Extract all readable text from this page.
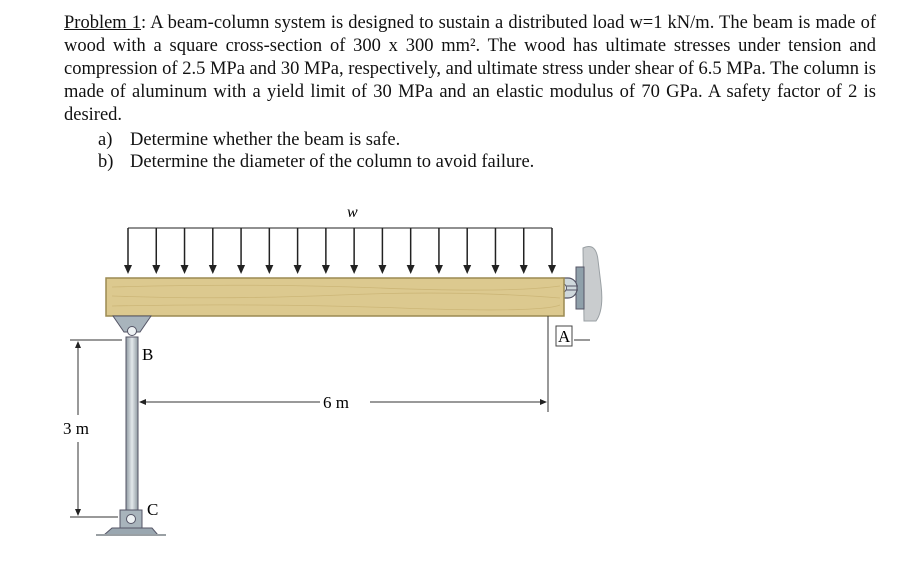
Problem 1: A beam-column system is designed to sustain a distributed load w=1 kN/m. The beam is made of wood with a square cross-section of 300 x 300 mm². The wood has ultimate stresses under tension and compression of 2.5 MPa and 30 MPa, respectively, and ultimate stress under shear of 6.5 MPa. The column is made of aluminum with a yield limit of 30 MPa and an elastic modulus of 70 GPa. A safety factor of 2 is desired.

a) Determine whether the beam is safe.
b) Determine the diameter of the column to avoid failure.
w
B
C
A
6 m
3 m
